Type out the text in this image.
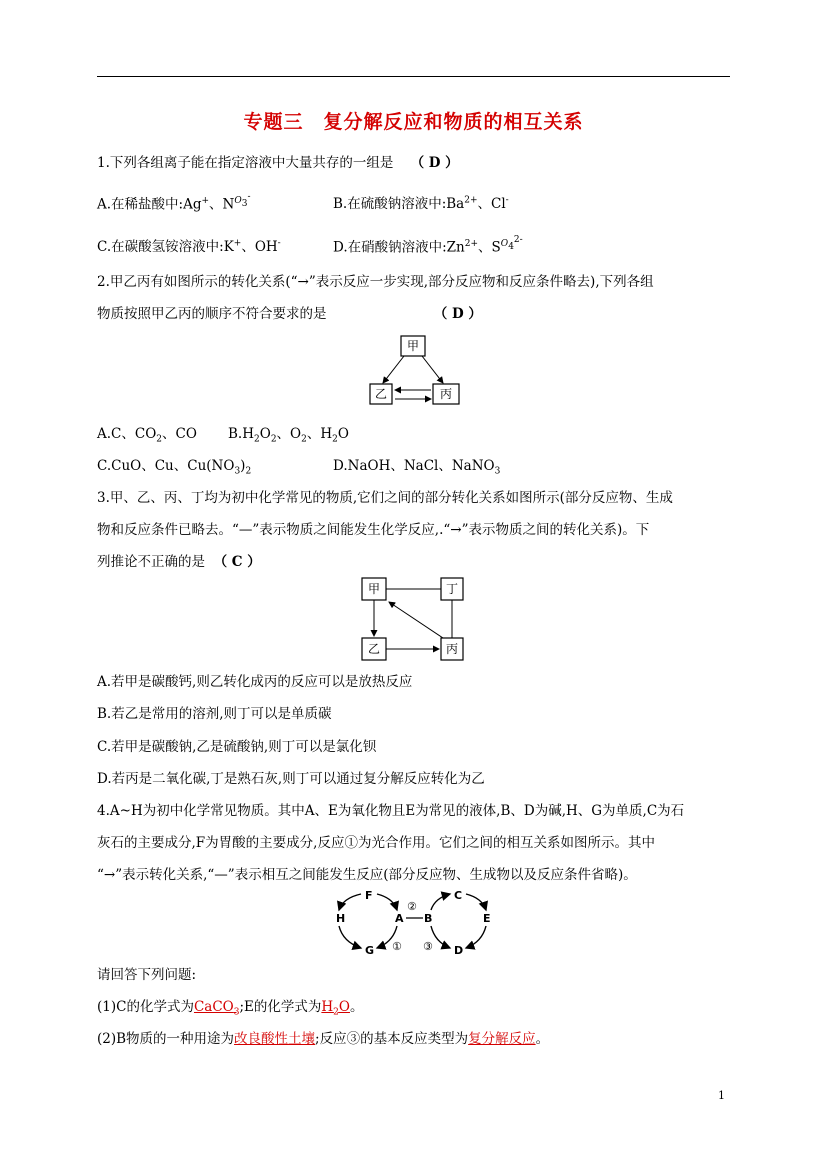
专题三　复分解反应和物质的相互关系
1.下列各组离子能在指定溶液中大量共存的一组是 （ D ）
A.在稀盐酸中:Ag+、$N^{O_3^-}$	B.在硫酸钠溶液中$:Ba^{2+}$、Cl-
C.在碳酸氢铵溶液中:K+、OH-	D.在硝酸钠溶液中$:Zn^{2+}$、$S^{O_4^{2-}}$
2.甲乙丙有如图所示的转化关系(“→”表示反应一步实现,部分反应物和反应条件略去),下列各组
物质按照甲乙丙的顺序不符合要求的是	（ D ）
甲
乙	丙
A.C、$CO_2$、CO $B.H_2O_2$、$O_2$、$H_2O$
C.CuO、Cu、$Cu(NO_3)_2$	D.NaOH、NaCl、NaNO$_3$
3.甲、乙、丙、丁均为初中化学常见的物质,它们之间的部分转化关系如图所示(部分反应物、生成
物和反应条件已略去。“—”表示物质之间能发生化学反应,.“→”表示物质之间的转化关系)。下
列推论不正确的是 （ C ）
甲	丁
乙	丙
A.若甲是碳酸钙,则乙转化成丙的反应可以是放热反应
B.若乙是常用的溶剂,则丁可以是单质碳
C.若甲是碳酸钠,乙是硫酸钠,则丁可以是氯化钡
D.若丙是二氧化碳,丁是熟石灰,则丁可以通过复分解反应转化为乙
4.A~H为初中化学常见物质。其中A、E为氧化物且E为常见的液体,B、D为碱,H、G为单质,C为石
灰石的主要成分,F为胃酸的主要成分,反应①为光合作用。它们之间的相互关系如图所示。其中
“→”表示转化关系,“—”表示相互之间能发生反应(部分反应物、生成物以及反应条件省略)。
F
H	A B
C
E
G	D
②
① ③
请回答下列问题:
(1)C的化学式为CaCO$_3$;E的化学式为$H_2O$。
(2)B物质的一种用途为改良酸性土壤;反应③的基本反应类型为复分解反应。
1
